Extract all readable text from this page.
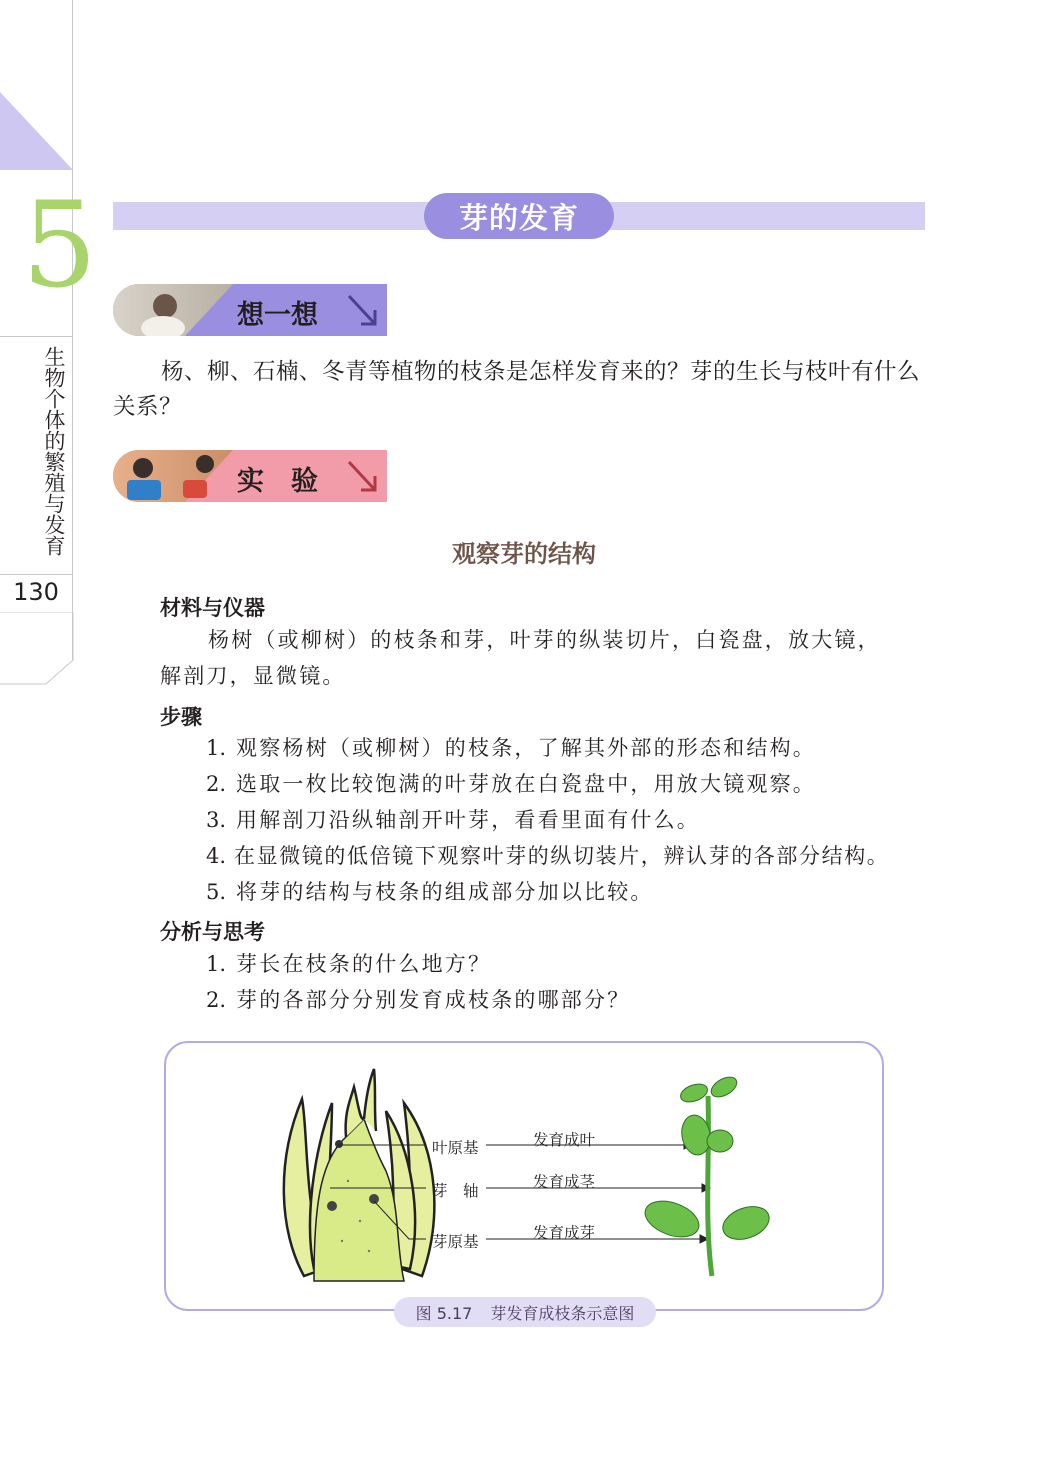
5
生物个体的繁殖与发育
130
芽的发育
想一想
杨、柳、石楠、冬青等植物的枝条是怎样发育来的？芽的生长与枝叶有什么关系？
实　验
观察芽的结构
材料与仪器
杨树（或柳树）的枝条和芽，叶芽的纵装切片，白瓷盘，放大镜，
解剖刀，显微镜。
步骤
1. 观察杨树（或柳树）的枝条，了解其外部的形态和结构。
2. 选取一枚比较饱满的叶芽放在白瓷盘中，用放大镜观察。
3. 用解剖刀沿纵轴剖开叶芽，看看里面有什么。
4. 在显微镜的低倍镜下观察叶芽的纵切装片，辨认芽的各部分结构。
5. 将芽的结构与枝条的组成部分加以比较。
分析与思考
1. 芽长在枝条的什么地方？
2. 芽的各部分分别发育成枝条的哪部分？
叶原基
芽　轴
芽原基
发育成叶
发育成茎
发育成芽
图 5.17 芽发育成枝条示意图
